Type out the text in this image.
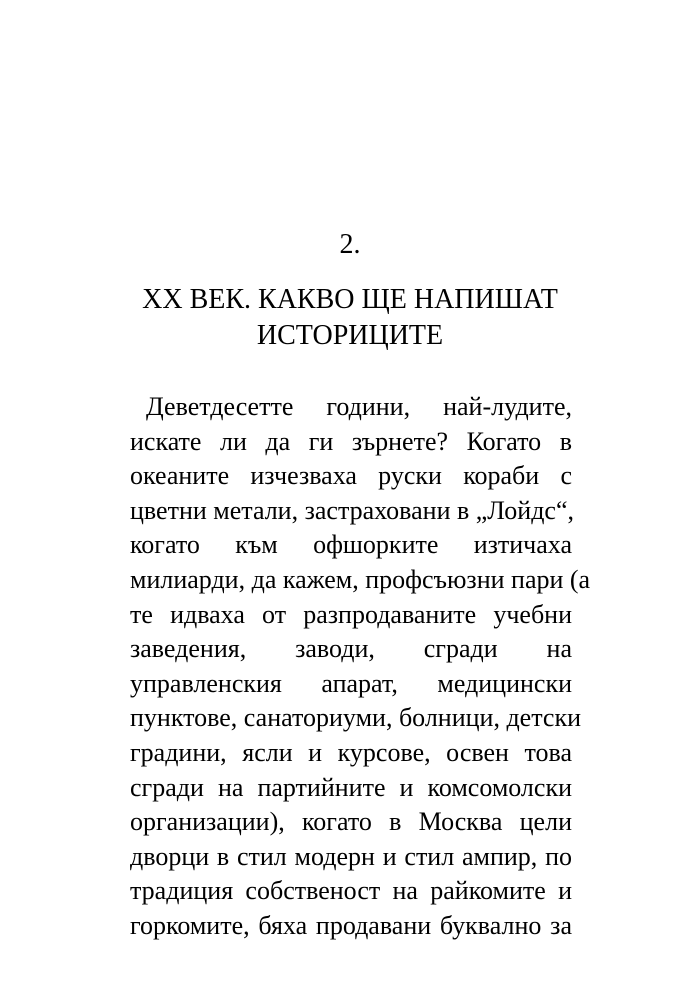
2.
XX ВЕК. КАКВО ЩЕ НАПИШАТ
ИСТОРИЦИТЕ
Деветдесетте години, най-лудите,
искате ли да ги зърнете? Когато в
океаните изчезваха руски кораби с
цветни метали, застраховани в „Лойдс“,
когато към офшорките изтичаха
милиарди, да кажем, профсъюзни пари (а
те идваха от разпродаваните учебни
заведения, заводи, сгради на
управленския апарат, медицински
пунктове, санаториуми, болници, детски
градини, ясли и курсове, освен това
сгради на партийните и комсомолски
организации), когато в Москва цели
дворци в стил модерн и стил ампир, по
традиция собственост на райкомите и
горкомите, бяха продавани буквално за
